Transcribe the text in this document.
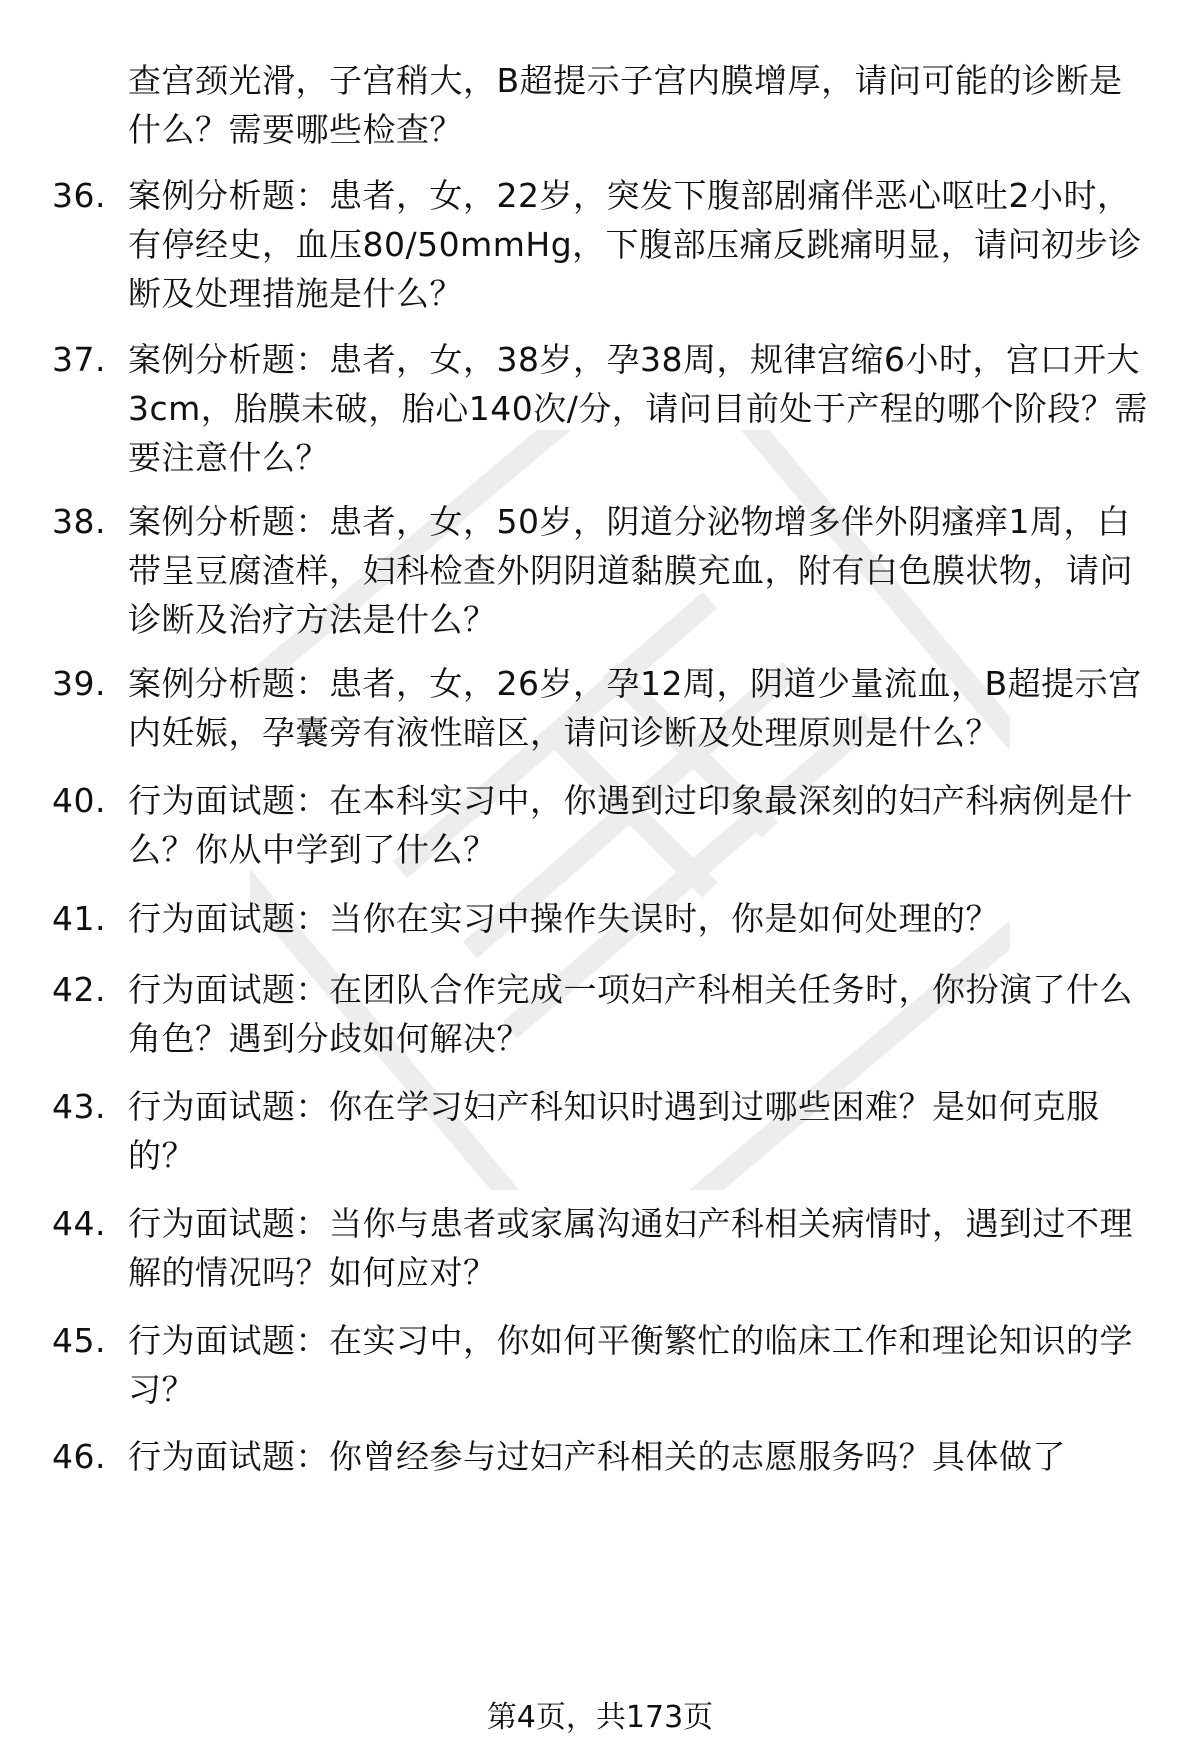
查宫颈光滑，子宫稍大，B超提示子宫内膜增厚，请问可能的诊断是什么？需要哪些检查？
36. 案例分析题：患者，女，22岁，突发下腹部剧痛伴恶心呕吐2小时，有停经史，血压80/50mmHg，下腹部压痛反跳痛明显，请问初步诊断及处理措施是什么？
37. 案例分析题：患者，女，38岁，孕38周，规律宫缩6小时，宫口开大3cm，胎膜未破，胎心140次/分，请问目前处于产程的哪个阶段？需要注意什么？
38. 案例分析题：患者，女，50岁，阴道分泌物增多伴外阴瘙痒1周，白带呈豆腐渣样，妇科检查外阴阴道黏膜充血，附有白色膜状物，请问诊断及治疗方法是什么？
39. 案例分析题：患者，女，26岁，孕12周，阴道少量流血，B超提示宫内妊娠，孕囊旁有液性暗区，请问诊断及处理原则是什么？
40. 行为面试题：在本科实习中，你遇到过印象最深刻的妇产科病例是什么？你从中学到了什么？
41. 行为面试题：当你在实习中操作失误时，你是如何处理的？
42. 行为面试题：在团队合作完成一项妇产科相关任务时，你扮演了什么角色？遇到分歧如何解决？
43. 行为面试题：你在学习妇产科知识时遇到过哪些困难？是如何克服的？
44. 行为面试题：当你与患者或家属沟通妇产科相关病情时，遇到过不理解的情况吗？如何应对？
45. 行为面试题：在实习中，你如何平衡繁忙的临床工作和理论知识的学习？
46. 行为面试题：你曾经参与过妇产科相关的志愿服务吗？具体做了
第4页，共173页
